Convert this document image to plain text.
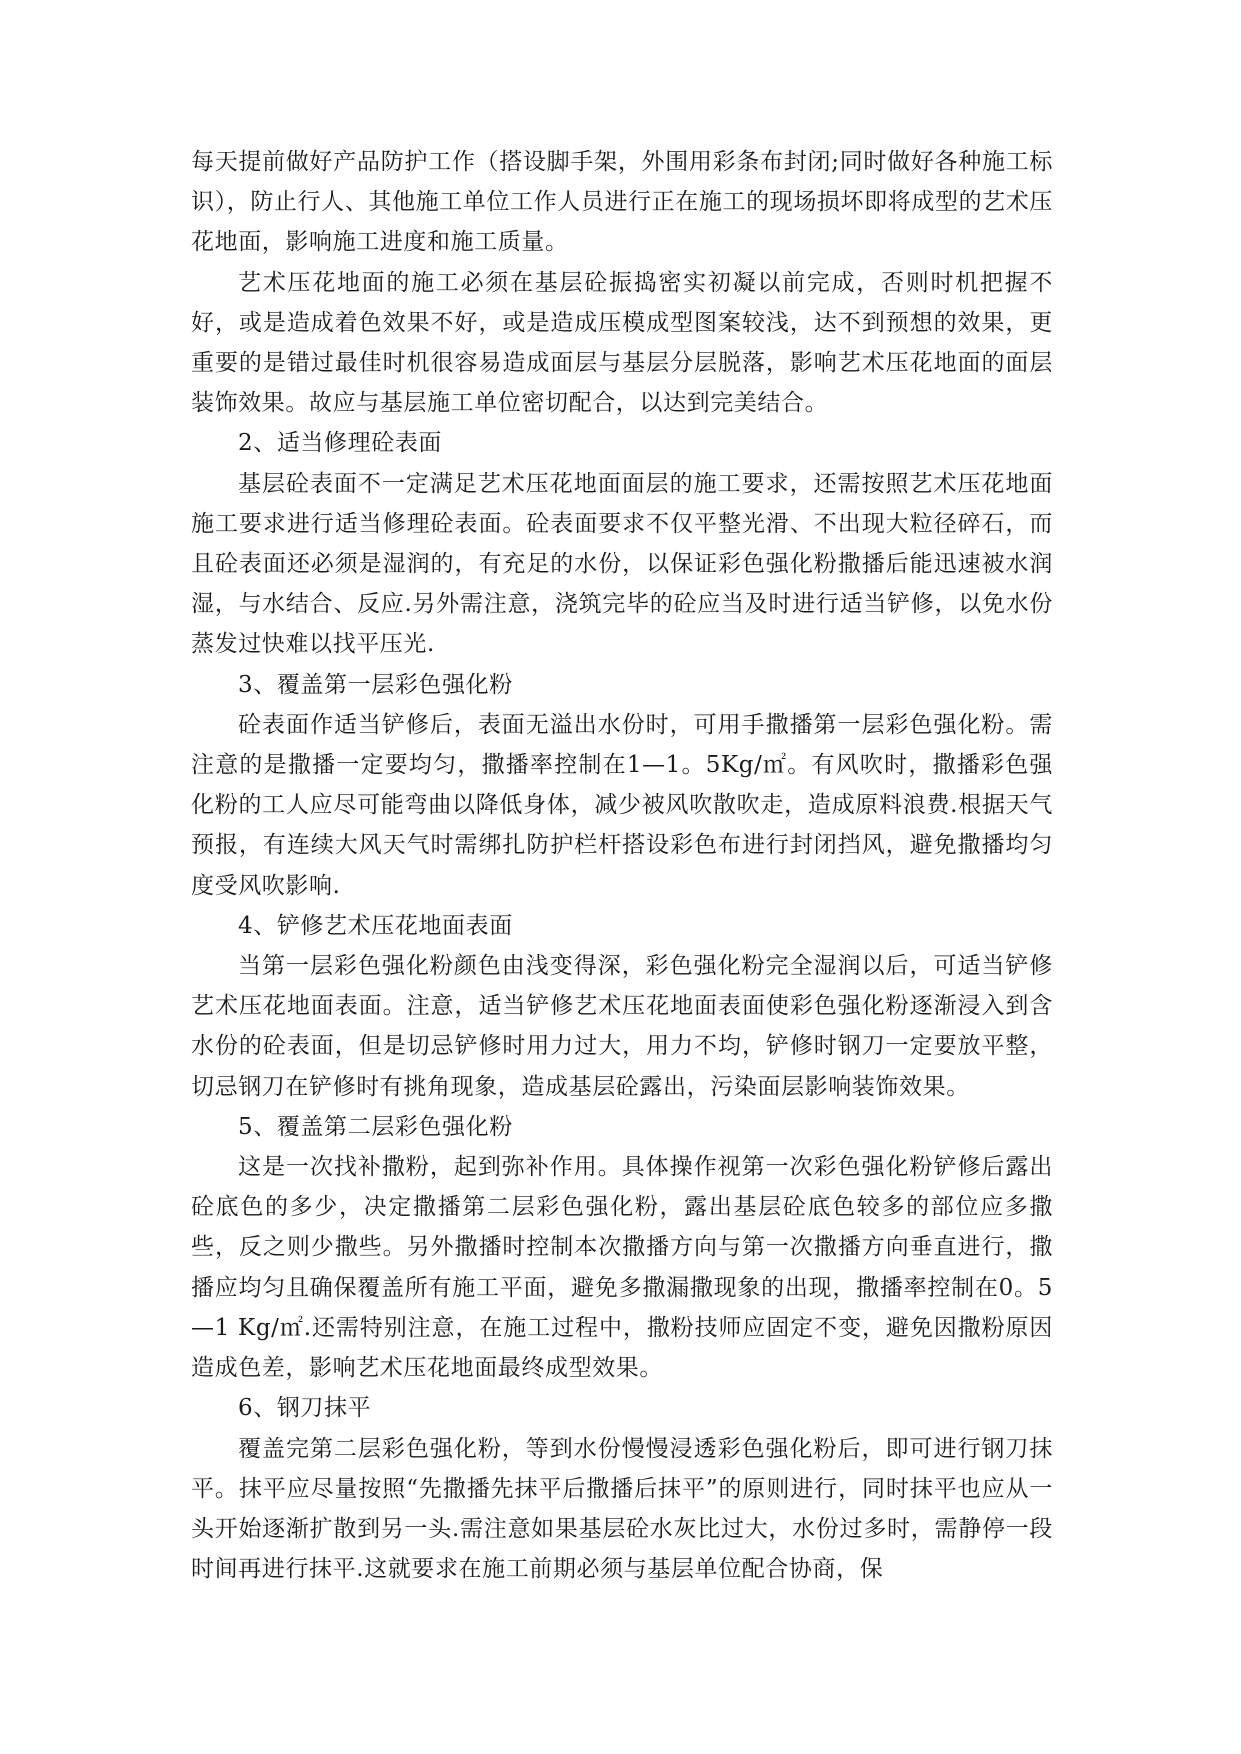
每天提前做好产品防护工作（搭设脚手架，外围用彩条布封闭;同时做好各种施工标识），防止行人、其他施工单位工作人员进行正在施工的现场损坏即将成型的艺术压花地面，影响施工进度和施工质量。

艺术压花地面的施工必须在基层砼振捣密实初凝以前完成，否则时机把握不好，或是造成着色效果不好，或是造成压模成型图案较浅，达不到预想的效果，更重要的是错过最佳时机很容易造成面层与基层分层脱落，影响艺术压花地面的面层装饰效果。故应与基层施工单位密切配合，以达到完美结合。

2、适当修理砼表面

基层砼表面不一定满足艺术压花地面面层的施工要求，还需按照艺术压花地面施工要求进行适当修理砼表面。砼表面要求不仅平整光滑、不出现大粒径碎石，而且砼表面还必须是湿润的，有充足的水份，以保证彩色强化粉撒播后能迅速被水润湿，与水结合、反应.另外需注意，浇筑完毕的砼应当及时进行适当铲修，以免水份蒸发过快难以找平压光.

3、覆盖第一层彩色强化粉

砼表面作适当铲修后，表面无溢出水份时，可用手撒播第一层彩色强化粉。需注意的是撒播一定要均匀，撒播率控制在1—1。5Kg/㎡。有风吹时，撒播彩色强化粉的工人应尽可能弯曲以降低身体，减少被风吹散吹走，造成原料浪费.根据天气预报，有连续大风天气时需绑扎防护栏杆搭设彩色布进行封闭挡风，避免撒播均匀度受风吹影响.

4、铲修艺术压花地面表面

当第一层彩色强化粉颜色由浅变得深，彩色强化粉完全湿润以后，可适当铲修艺术压花地面表面。注意，适当铲修艺术压花地面表面使彩色强化粉逐渐浸入到含水份的砼表面，但是切忌铲修时用力过大，用力不均，铲修时钢刀一定要放平整，切忌钢刀在铲修时有挑角现象，造成基层砼露出，污染面层影响装饰效果。

5、覆盖第二层彩色强化粉

这是一次找补撒粉，起到弥补作用。具体操作视第一次彩色强化粉铲修后露出砼底色的多少，决定撒播第二层彩色强化粉，露出基层砼底色较多的部位应多撒些，反之则少撒些。另外撒播时控制本次撒播方向与第一次撒播方向垂直进行，撒播应均匀且确保覆盖所有施工平面，避免多撒漏撒现象的出现，撒播率控制在0。5—1 Kg/㎡.还需特别注意，在施工过程中，撒粉技师应固定不变，避免因撒粉原因造成色差，影响艺术压花地面最终成型效果。

6、钢刀抹平

覆盖完第二层彩色强化粉，等到水份慢慢浸透彩色强化粉后，即可进行钢刀抹平。抹平应尽量按照“先撒播先抹平后撒播后抹平”的原则进行，同时抹平也应从一头开始逐渐扩散到另一头.需注意如果基层砼水灰比过大，水份过多时，需静停一段时间再进行抹平.这就要求在施工前期必须与基层单位配合协商，保
